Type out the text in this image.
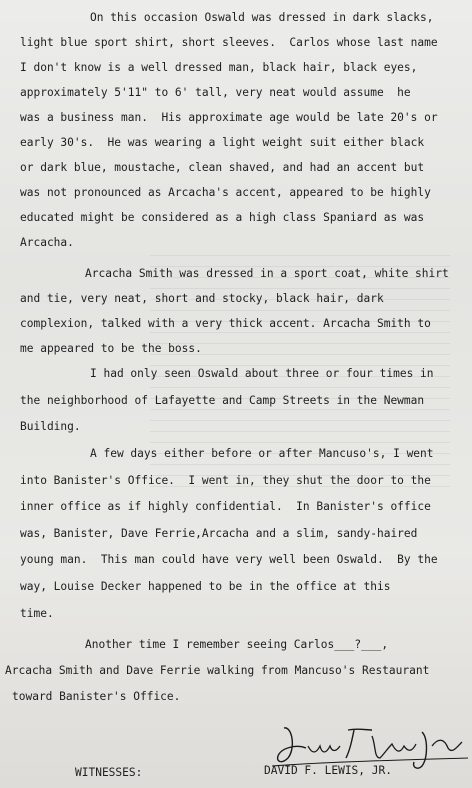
On this occasion Oswald was dressed in dark slacks,
light blue sport shirt, short sleeves.  Carlos whose last name
I don't know is a well dressed man, black hair, black eyes,
approximately 5'11" to 6' tall, very neat would assume  he
was a business man.  His approximate age would be late 20's or
early 30's.  He was wearing a light weight suit either black
or dark blue, moustache, clean shaved, and had an accent but
was not pronounced as Arcacha's accent, appeared to be highly
educated might be considered as a high class Spaniard as was
Arcacha.
Arcacha Smith was dressed in a sport coat, white shirt
and tie, very neat, short and stocky, black hair, dark
complexion, talked with a very thick accent. Arcacha Smith to
me appeared to be the boss.
I had only seen Oswald about three or four times in
the neighborhood of Lafayette and Camp Streets in the Newman
Building.
A few days either before or after Mancuso's, I went
into Banister's Office.  I went in, they shut the door to the
inner office as if highly confidential.  In Banister's office
was, Banister, Dave Ferrie,Arcacha and a slim, sandy-haired
young man.  This man could have very well been Oswald.  By the
way, Louise Decker happened to be in the office at this
time.
Another time I remember seeing Carlos___?___,
Arcacha Smith and Dave Ferrie walking from Mancuso's Restaurant
toward Banister's Office.
WITNESSES:	DAVID F. LEWIS, JR.
